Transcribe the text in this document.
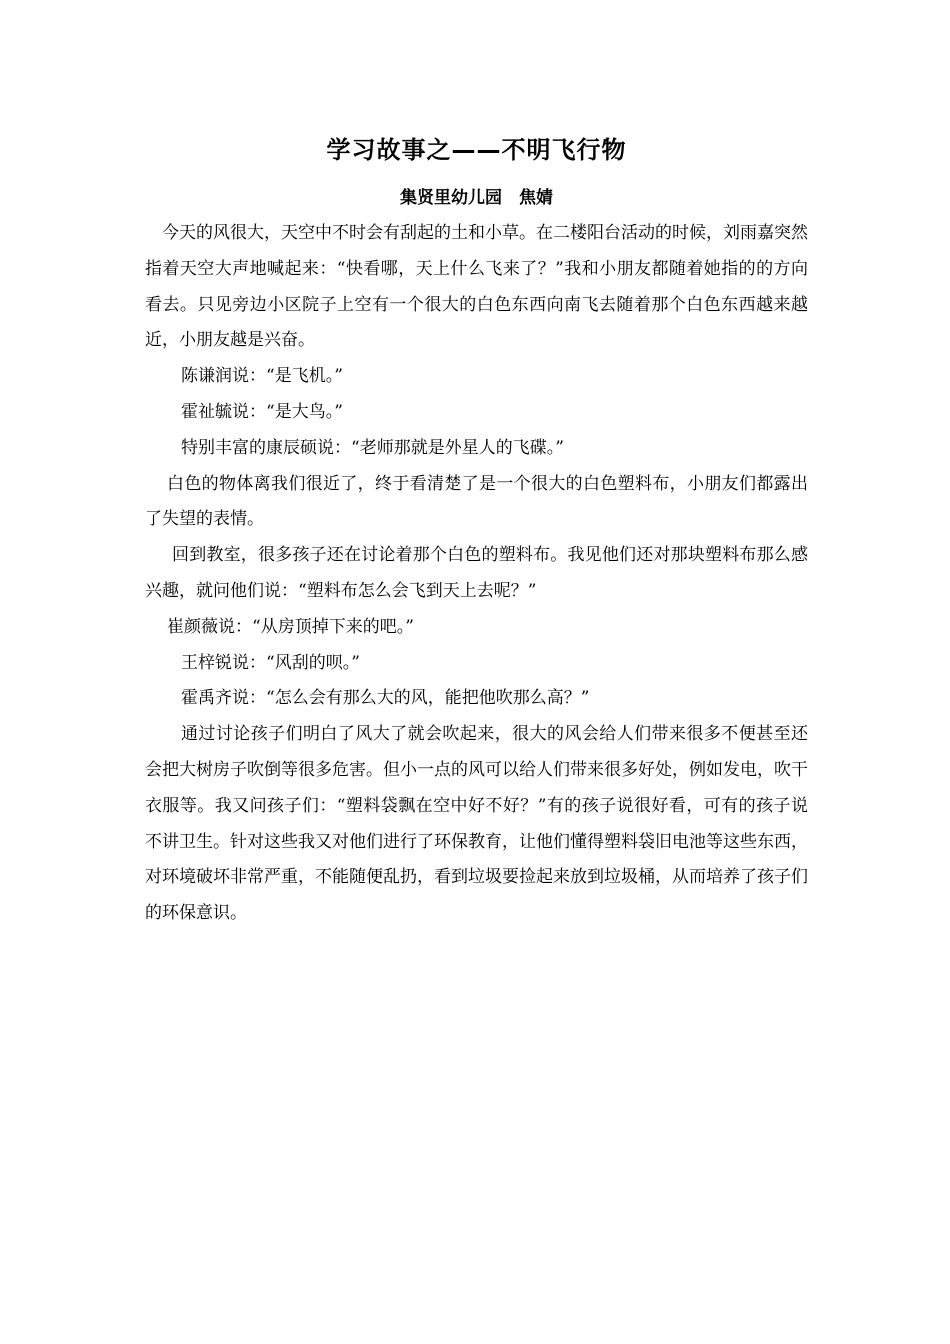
学习故事之——不明飞行物

集贤里幼儿园　焦婧

今天的风很大，天空中不时会有刮起的土和小草。在二楼阳台活动的时候，刘雨嘉突然指着天空大声地喊起来：“快看哪，天上什么飞来了？”我和小朋友都随着她指的的方向看去。只见旁边小区院子上空有一个很大的白色东西向南飞去随着那个白色东西越来越近，小朋友越是兴奋。

陈谦润说：“是飞机。”

霍祉毓说：“是大鸟。”

特别丰富的康辰硕说：“老师那就是外星人的飞碟。”

白色的物体离我们很近了，终于看清楚了是一个很大的白色塑料布，小朋友们都露出了失望的表情。

回到教室，很多孩子还在讨论着那个白色的塑料布。我见他们还对那块塑料布那么感兴趣，就问他们说：“塑料布怎么会飞到天上去呢？”

崔颜薇说：“从房顶掉下来的吧。”

王梓锐说：“风刮的呗。”

霍禹齐说：“怎么会有那么大的风，能把他吹那么高？”

通过讨论孩子们明白了风大了就会吹起来，很大的风会给人们带来很多不便甚至还会把大树房子吹倒等很多危害。但小一点的风可以给人们带来很多好处，例如发电，吹干衣服等。我又问孩子们：“塑料袋飘在空中好不好？”有的孩子说很好看，可有的孩子说不讲卫生。针对这些我又对他们进行了环保教育，让他们懂得塑料袋旧电池等这些东西，对环境破坏非常严重，不能随便乱扔，看到垃圾要捡起来放到垃圾桶，从而培养了孩子们的环保意识。
